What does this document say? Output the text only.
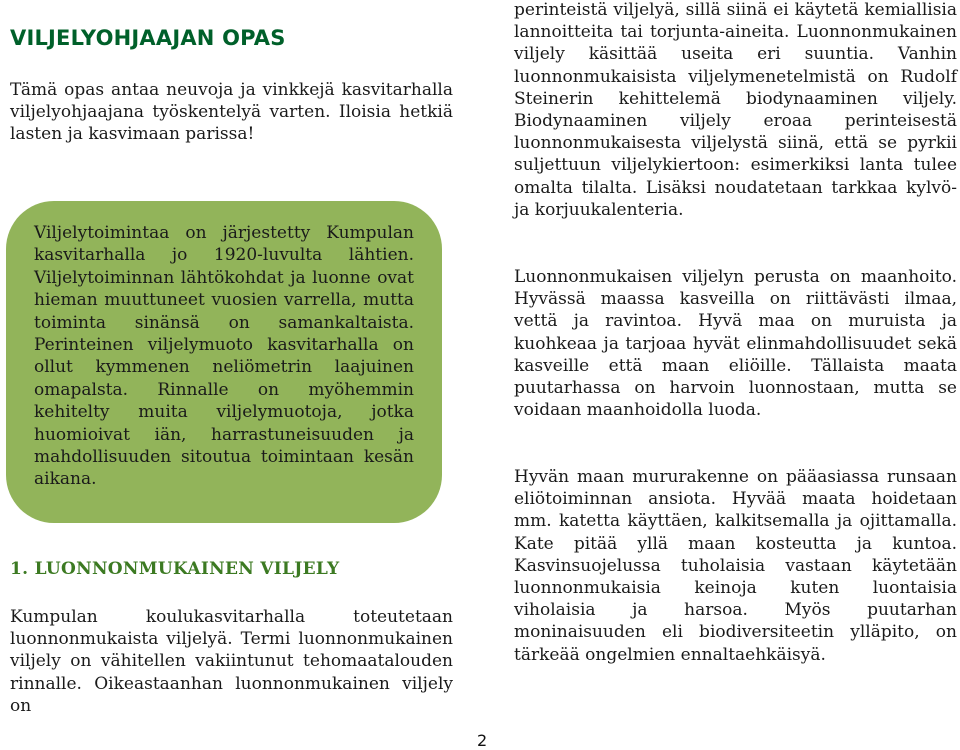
VILJELYOHJAAJAN OPAS

Tämä opas antaa neuvoja ja vinkkejä kasvitarhalla viljelyohjaajana työskentelyä varten. Iloisia hetkiä lasten ja kasvimaan parissa!

Viljelytoimintaa on järjestetty Kumpulan kasvitarhalla jo 1920-luvulta lähtien. Viljelytoiminnan lähtökohdat ja luonne ovat hieman muuttuneet vuosien varrella, mutta toiminta sinänsä on samankaltaista. Perinteinen viljelymuoto kasvitarhalla on ollut kymmenen neliömetrin laajuinen omapalsta. Rinnalle on myöhemmin kehitelty muita viljelymuotoja, jotka huomioivat iän, harrastuneisuuden ja mahdollisuuden sitoutua toimintaan kesän aikana.

1. LUONNONMUKAINEN VILJELY

Kumpulan koulukasvitarhalla toteutetaan luonnonmukaista viljelyä. Termi luonnonmukainen viljely on vähitellen vakiintunut tehomaatalouden rinnalle. Oikeastaanhan luonnonmukainen viljely on

perinteistä viljelyä, sillä siinä ei käytetä kemiallisia lannoitteita tai torjunta-aineita. Luonnonmukainen viljely käsittää useita eri suuntia. Vanhin luonnonmukaisista viljelymenetelmistä on Rudolf Steinerin kehittelemä biodynaaminen viljely. Biodynaaminen viljely eroaa perinteisestä luonnonmukaisesta viljelystä siinä, että se pyrkii suljettuun viljelykiertoon: esimerkiksi lanta tulee omalta tilalta. Lisäksi noudatetaan tarkkaa kylvö- ja korjuukalenteria.

Luonnonmukaisen viljelyn perusta on maanhoito. Hyvässä maassa kasveilla on riittävästi ilmaa, vettä ja ravintoa. Hyvä maa on muruista ja kuohkeaa ja tarjoaa hyvät elinmahdollisuudet sekä kasveille että maan eliöille. Tällaista maata puutarhassa on harvoin luonnostaan, mutta se voidaan maanhoidolla luoda.

Hyvän maan mururakenne on pääasiassa runsaan eliötoiminnan ansiota. Hyvää maata hoidetaan mm. katetta käyttäen, kalkitsemalla ja ojittamalla. Kate pitää yllä maan kosteutta ja kuntoa. Kasvinsuojelussa tuholaisia vastaan käytetään luonnonmukaisia keinoja kuten luontaisia viholaisia ja harsoa. Myös puutarhan moninaisuuden eli biodiversiteetin ylläpito, on tärkeää ongelmien ennaltaehkäisyä.

2
